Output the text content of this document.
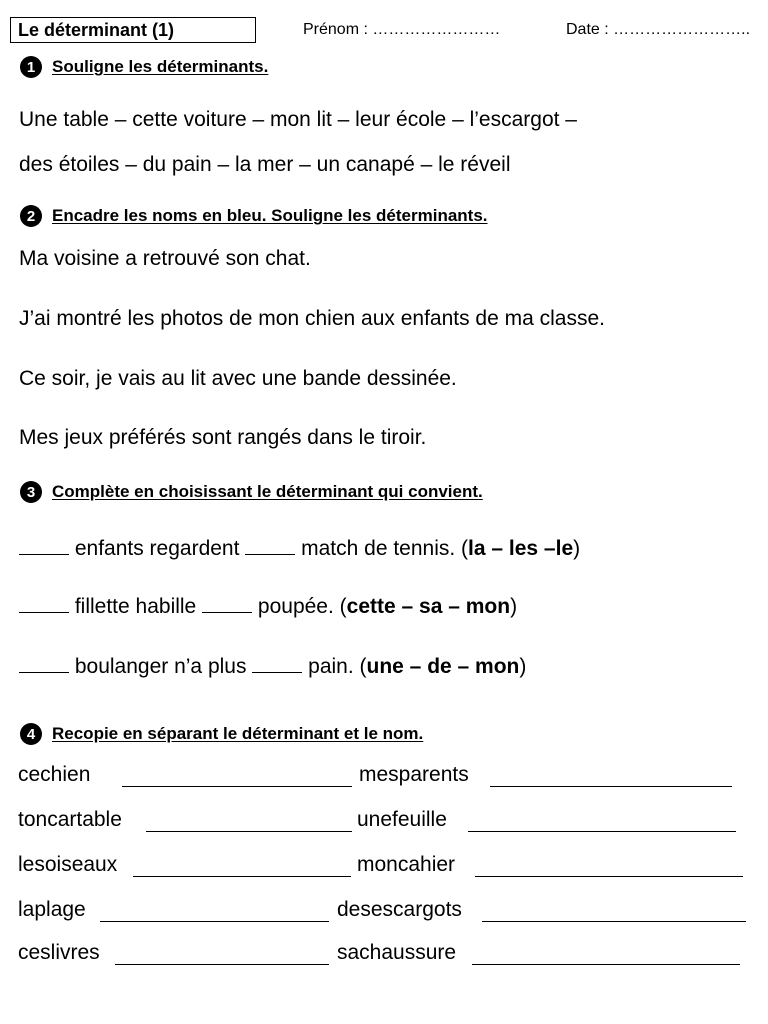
Le déterminant (1)	Prénom : ……………………	Date : ……………………..
1 Souligne les déterminants.
Une table – cette voiture – mon lit – leur école – l’escargot –
des étoiles – du pain – la mer – un canapé – le réveil
2 Encadre les noms en bleu. Souligne les déterminants.
Ma voisine a retrouvé son chat.
J’ai montré les photos de mon chien aux enfants de ma classe.
Ce soir, je vais au lit avec une bande dessinée.
Mes jeux préférés sont rangés dans le tiroir.
3 Complète en choisissant le déterminant qui convient.
enfants regardent  match de tennis. (la – les –le)
fillette habille  poupée. (cette – sa – mon)
boulanger n’a plus  pain. (une – de – mon)
4 Recopie en séparant le déterminant et le nom.
cechien	mesparents
toncartable	unefeuille
lesoiseaux	moncahier
laplage	desescargots
ceslivres	sachaussure
